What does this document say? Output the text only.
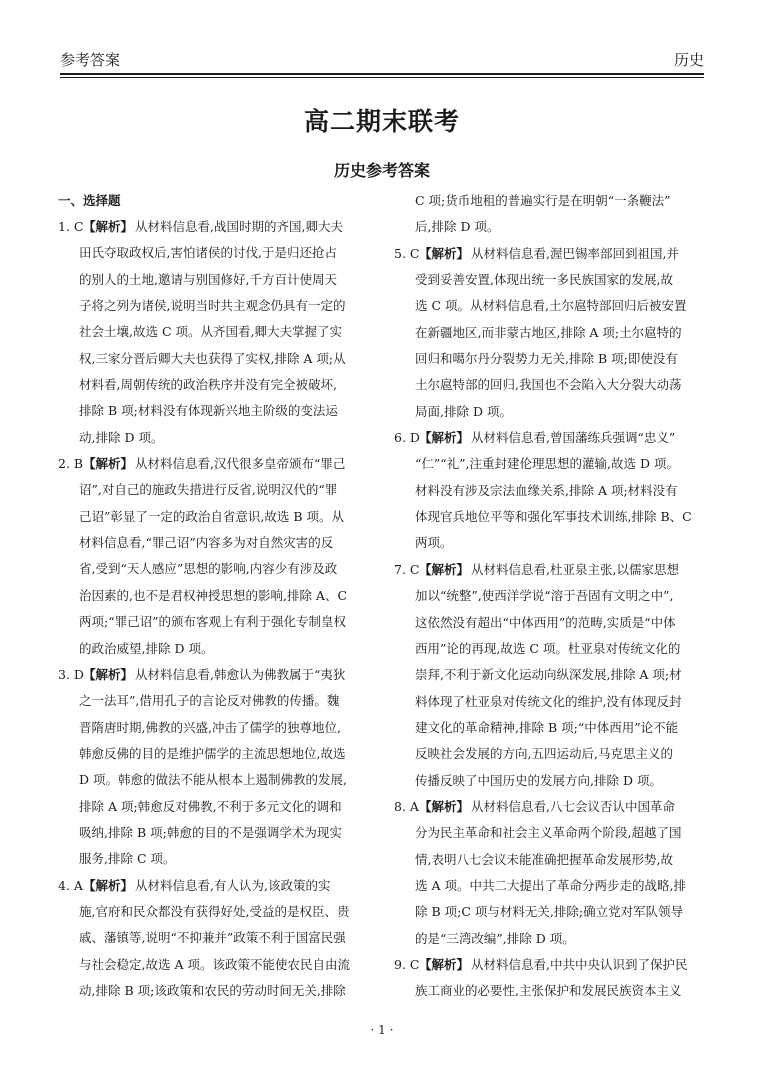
参考答案	历史
高二期末联考
历史参考答案
一、选择题
1. C【解析】 从材料信息看,战国时期的齐国,卿大夫
田氏夺取政权后,害怕诸侯的讨伐,于是归还抢占
的别人的土地,邀请与别国修好,千方百计使周天
子将之列为诸侯,说明当时共主观念仍具有一定的
社会土壤,故选 C 项。从齐国看,卿大夫掌握了实
权,三家分晋后卿大夫也获得了实权,排除 A 项;从
材料看,周朝传统的政治秩序并没有完全被破坏,
排除 B 项;材料没有体现新兴地主阶级的变法运
动,排除 D 项。
2. B【解析】 从材料信息看,汉代很多皇帝颁布“罪己
诏”,对自己的施政失措进行反省,说明汉代的“罪
己诏”彰显了一定的政治自省意识,故选 B 项。从
材料信息看,“罪己诏”内容多为对自然灾害的反
省,受到“天人感应”思想的影响,内容少有涉及政
治因素的,也不是君权神授思想的影响,排除 A、C
两项;“罪己诏”的颁布客观上有利于强化专制皇权
的政治威望,排除 D 项。
3. D【解析】 从材料信息看,韩愈认为佛教属于“夷狄
之一法耳”,借用孔子的言论反对佛教的传播。魏
晋隋唐时期,佛教的兴盛,冲击了儒学的独尊地位,
韩愈反佛的目的是维护儒学的主流思想地位,故选
D 项。韩愈的做法不能从根本上遏制佛教的发展,
排除 A 项;韩愈反对佛教,不利于多元文化的调和
吸纳,排除 B 项;韩愈的目的不是强调学术为现实
服务,排除 C 项。
4. A【解析】 从材料信息看,有人认为,该政策的实
施,官府和民众都没有获得好处,受益的是权臣、贵
戚、藩镇等,说明“不抑兼并”政策不利于国富民强
与社会稳定,故选 A 项。该政策不能使农民自由流
动,排除 B 项;该政策和农民的劳动时间无关,排除
C 项;货币地租的普遍实行是在明朝“一条鞭法”
后,排除 D 项。
5. C【解析】 从材料信息看,渥巴锡率部回到祖国,并
受到妥善安置,体现出统一多民族国家的发展,故
选 C 项。从材料信息看,土尔扈特部回归后被安置
在新疆地区,而非蒙古地区,排除 A 项;土尔扈特的
回归和噶尔丹分裂势力无关,排除 B 项;即使没有
土尔扈特部的回归,我国也不会陷入大分裂大动荡
局面,排除 D 项。
6. D【解析】 从材料信息看,曾国藩练兵强调“忠义”
“仁”“礼”,注重封建伦理思想的灌输,故选 D 项。
材料没有涉及宗法血缘关系,排除 A 项;材料没有
体现官兵地位平等和强化军事技术训练,排除 B、C
两项。
7. C【解析】 从材料信息看,杜亚泉主张,以儒家思想
加以“统整”,使西洋学说“溶于吾固有文明之中”,
这依然没有超出“中体西用”的范畴,实质是“中体
西用”论的再现,故选 C 项。杜亚泉对传统文化的
崇拜,不利于新文化运动向纵深发展,排除 A 项;材
料体现了杜亚泉对传统文化的维护,没有体现反封
建文化的革命精神,排除 B 项;“中体西用”论不能
反映社会发展的方向,五四运动后,马克思主义的
传播反映了中国历史的发展方向,排除 D 项。
8. A【解析】 从材料信息看,八七会议否认中国革命
分为民主革命和社会主义革命两个阶段,超越了国
情,表明八七会议未能准确把握革命发展形势,故
选 A 项。中共二大提出了革命分两步走的战略,排
除 B 项;C 项与材料无关,排除;确立党对军队领导
的是“三湾改编”,排除 D 项。
9. C【解析】 从材料信息看,中共中央认识到了保护民
族工商业的必要性,主张保护和发展民族资本主义
· 1 ·
